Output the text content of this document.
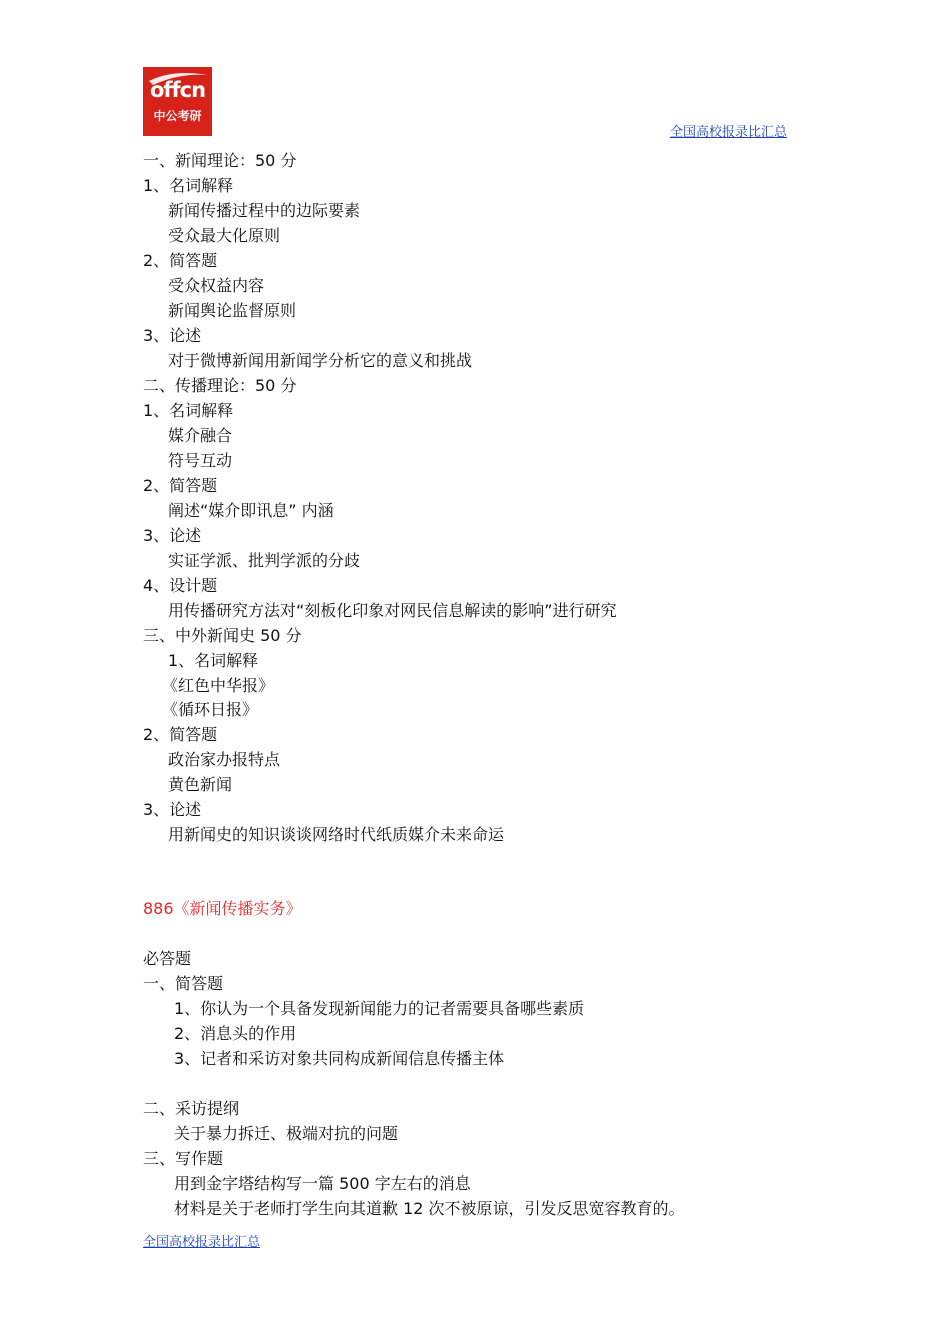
offcn
中公考研
全国高校报录比汇总
一、新闻理论：50 分
1、名词解释
新闻传播过程中的边际要素
受众最大化原则
2、简答题
受众权益内容
新闻舆论监督原则
3、论述
对于微博新闻用新闻学分析它的意义和挑战
二、传播理论：50 分
1、名词解释
媒介融合
符号互动
2、简答题
阐述“媒介即讯息” 内涵
3、论述
实证学派、批判学派的分歧
4、设计题
用传播研究方法对“刻板化印象对网民信息解读的影响”进行研究
三、中外新闻史 50 分
1、名词解释
《红色中华报》
《循环日报》
2、简答题
政治家办报特点
黄色新闻
3、论述
用新闻史的知识谈谈网络时代纸质媒介未来命运
886《新闻传播实务》
必答题
一、简答题
1、你认为一个具备发现新闻能力的记者需要具备哪些素质
2、消息头的作用
3、记者和采访对象共同构成新闻信息传播主体
二、采访提纲
关于暴力拆迁、极端对抗的问题
三、写作题
用到金字塔结构写一篇 500 字左右的消息
材料是关于老师打学生向其道歉 12 次不被原谅，引发反思宽容教育的。
全国高校报录比汇总
